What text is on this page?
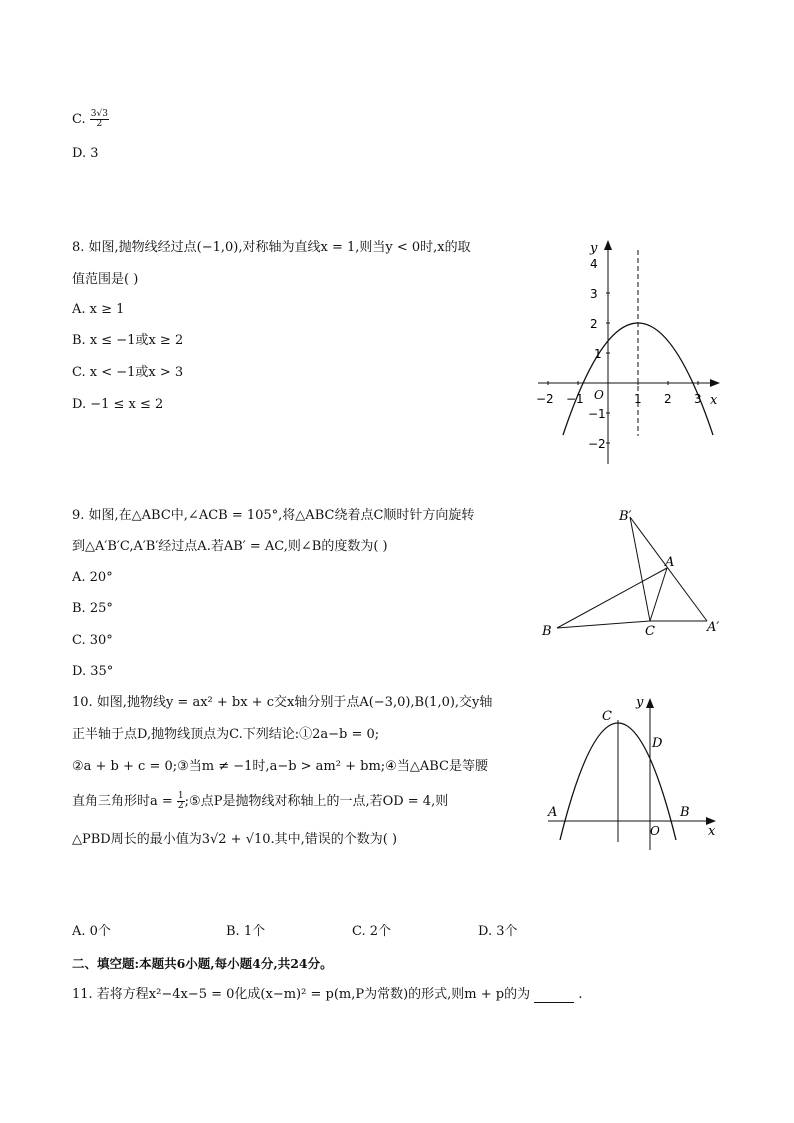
C. $\frac{3√3}{2}$
D. 3
8. 如图,抛物线经过点(−1,0),对称轴为直线x = 1,则当y < 0时,x的取
值范围是( )
A. x ≥ 1
B. x ≤ −1或x ≥ 2
C. x < −1或x > 3
D. −1 ≤ x ≤ 2
y
x
O
−2 −1	1 2 3
4
3
2
1
−1
−2
9. 如图,在△ABC中,∠ACB = 105°,将△ABC绕着点C顺时针方向旋转
到△A′B′C,A′B′经过点A.若AB′ = AC,则∠B的度数为( )
A. 20°
B. 25°
C. 30°
D. 35°
B′
A
B	C	A′
10. 如图,抛物线y = ax² + bx + c交x轴分别于点A(−3,0),B(1,0),交y轴
正半轴于点D,抛物线顶点为C.下列结论:①2a−b = 0;
②a + b + c = 0;③当m ≠ −1时,a−b > am² + bm;④当△ABC是等腰
直角三角形时$a = \frac{1}{2}$ ;⑤点P是抛物线对称轴上的一点,若OD = 4,则
△PBD周长的最小值为3√2 + √10.其中,错误的个数为( )
C
y
D
A	B
O	x
A. 0个	B. 1个	C. 2个	D. 3个
二、填空题:本题共6小题,每小题4分,共24分。
11. 若将方程x²−4x−5 = 0化成(x−m)² = p(m,P为常数)的形式,则m + p的为	.
